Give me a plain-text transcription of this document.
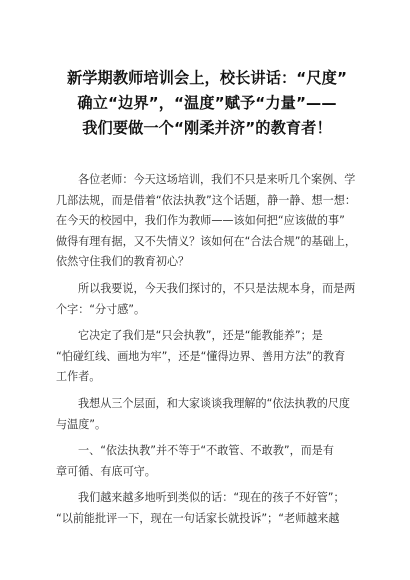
新学期教师培训会上，校长讲话：“尺度”
确立“边界”，“温度”赋予“力量”——
我们要做一个“刚柔并济”的教育者！
各位老师：今天这场培训，我们不只是来听几个案例、学
几部法规，而是借着“依法执教”这个话题，静一静、想一想：
在今天的校园中，我们作为教师——该如何把“应该做的事”
做得有理有据，又不失情义？该如何在“合法合规”的基础上，
依然守住我们的教育初心？
所以我要说，今天我们探讨的，不只是法规本身，而是两
个字：“分寸感”。
它决定了我们是“只会执教”，还是“能教能养”；是
“怕碰红线、画地为牢”，还是“懂得边界、善用方法”的教育
工作者。
我想从三个层面，和大家谈谈我理解的“依法执教的尺度
与温度”。
一、“依法执教”并不等于“不敢管、不敢教”，而是有
章可循、有底可守。
我们越来越多地听到类似的话：“现在的孩子不好管”；
“以前能批评一下，现在一句话家长就投诉”；“老师越来越
